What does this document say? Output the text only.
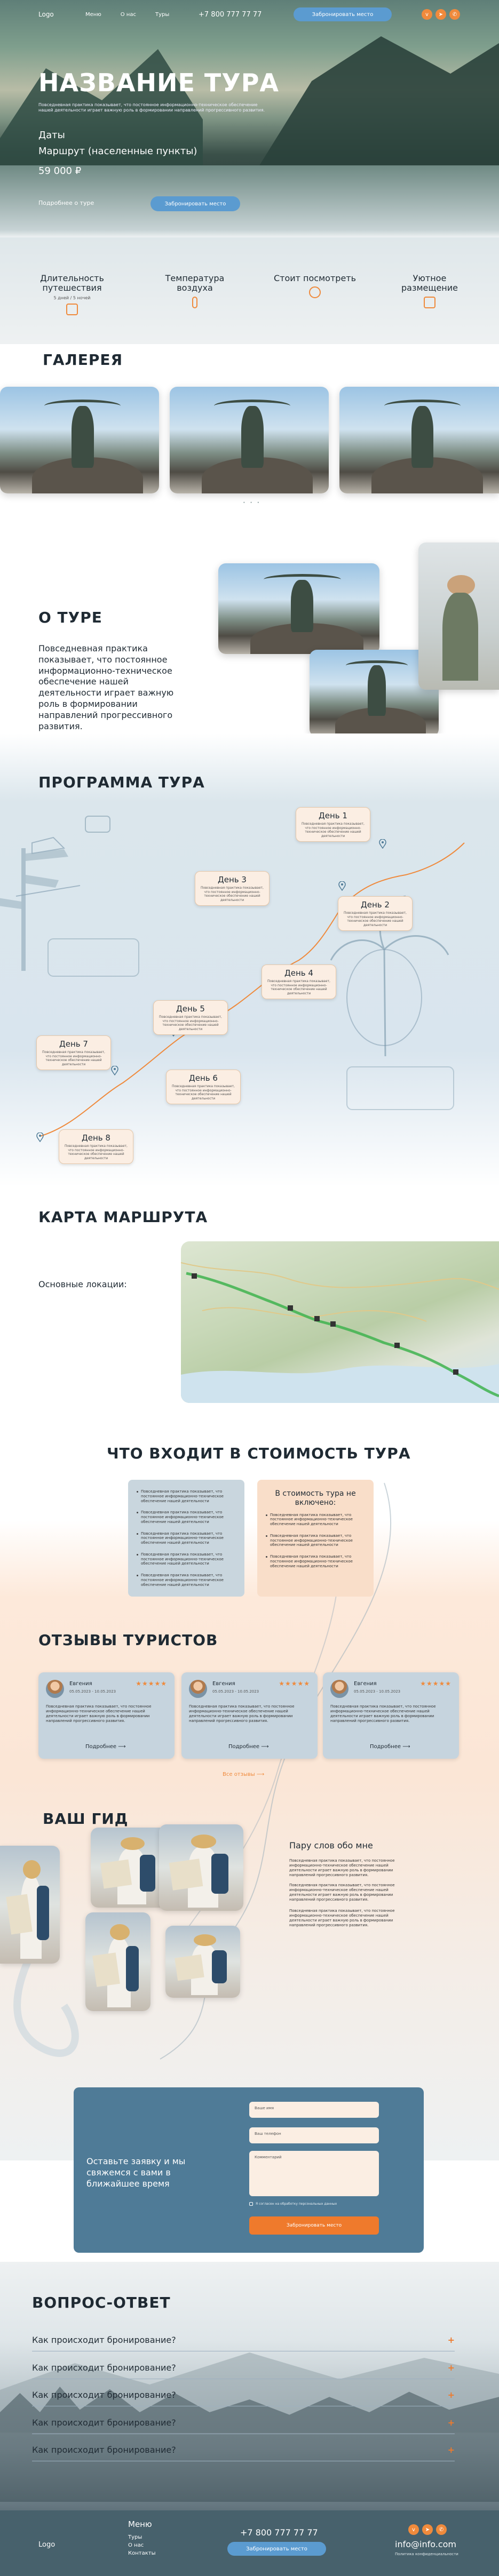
Logo	Меню	О нас	Туры	+7 800 777 77 77	Забронировать место	v	➤	✆
НАЗВАНИЕ ТУРА

Повседневная практика показывает, что постоянное информационно-техническое обеспечение нашей деятельности играет важную роль в формировании направлений прогрессивного развития.

Даты
Маршрут (населенные пункты)
59 000 ₽
Подробнее о туре	Забронировать место
Длительность путешествия
5 дней / 5 ночей
Температура воздуха
Стоит посмотреть	Уютное размещение
ГАЛЕРЕЯ
• • •
О ТУРЕ

Повседневная практика показывает, что постоянное информационно-техническое обеспечение нашей деятельности играет важную роль в формировании направлений прогрессивного развития.

ПРОГРАММА ТУРА
День 1
Повседневная практика показывает, что постоянное информационно-техническое обеспечение нашей деятельности
День 2
Повседневная практика показывает, что постоянное информационно-техническое обеспечение нашей деятельности
День 3
Повседневная практика показывает, что постоянное информационно-техническое обеспечение нашей деятельности
День 4
Повседневная практика показывает, что постоянное информационно-техническое обеспечение нашей деятельности
День 5
Повседневная практика показывает, что постоянное информационно-техническое обеспечение нашей деятельности
День 6
Повседневная практика показывает, что постоянное информационно-техническое обеспечение нашей деятельности
День 7
Повседневная практика показывает, что постоянное информационно-техническое обеспечение нашей деятельности
День 8
Повседневная практика показывает, что постоянное информационно-техническое обеспечение нашей деятельности
КАРТА МАРШРУТА
Основные локации:
ЧТО ВХОДИТ В СТОИМОСТЬ ТУРА
Повседневная практика показывает, что постоянное информационно-техническое обеспечение нашей деятельности
Повседневная практика показывает, что постоянное информационно-техническое обеспечение нашей деятельности
Повседневная практика показывает, что постоянное информационно-техническое обеспечение нашей деятельности
Повседневная практика показывает, что постоянное информационно-техническое обеспечение нашей деятельности
Повседневная практика показывает, что постоянное информационно-техническое обеспечение нашей деятельности
В стоимость тура не включено:
Повседневная практика показывает, что постоянное информационно-техническое обеспечение нашей деятельности
Повседневная практика показывает, что постоянное информационно-техническое обеспечение нашей деятельности
Повседневная практика показывает, что постоянное информационно-техническое обеспечение нашей деятельности
ОТЗЫВЫ ТУРИСТОВ
Евгения
05.05.2023 - 10.05.2023
★★★★★
Повседневная практика показывает, что постоянное информационно-техническое обеспечение нашей деятельности играет важную роль в формировании направлений прогрессивного развития.
Подробнее ⟶
Евгения
05.05.2023 - 10.05.2023
★★★★★
Повседневная практика показывает, что постоянное информационно-техническое обеспечение нашей деятельности играет важную роль в формировании направлений прогрессивного развития.
Подробнее ⟶
Евгения
05.05.2023 - 10.05.2023
★★★★★
Повседневная практика показывает, что постоянное информационно-техническое обеспечение нашей деятельности играет важную роль в формировании направлений прогрессивного развития.
Подробнее ⟶
Все отзывы ⟶
ВАШ ГИД
Пару слов обо мне

Повседневная практика показывает, что постоянное информационно-техническое обеспечение нашей деятельности играет важную роль в формировании направлений прогрессивного развития.

Повседневная практика показывает, что постоянное информационно-техническое обеспечение нашей деятельности играет важную роль в формировании направлений прогрессивного развития.

Повседневная практика показывает, что постоянное информационно-техническое обеспечение нашей деятельности играет важную роль в формировании направлений прогрессивного развития.

Оставьте заявку и мы свяжемся с вами в ближайшее время
Ваше имя
Ваш телефон
Комментарий
Я согласен на обработку персональных данных
Забронировать место
ВОПРОС-ОТВЕТ
Как происходит бронирование?	+
Как происходит бронирование?	+
Как происходит бронирование?	+
Как происходит бронирование?	+
Как происходит бронирование?	+
Logo
Меню
Туры
О нас
Контакты
+7 800 777 77 77
Забронировать место
v	➤	✆
info@info.com
Политика конфиденциальности
